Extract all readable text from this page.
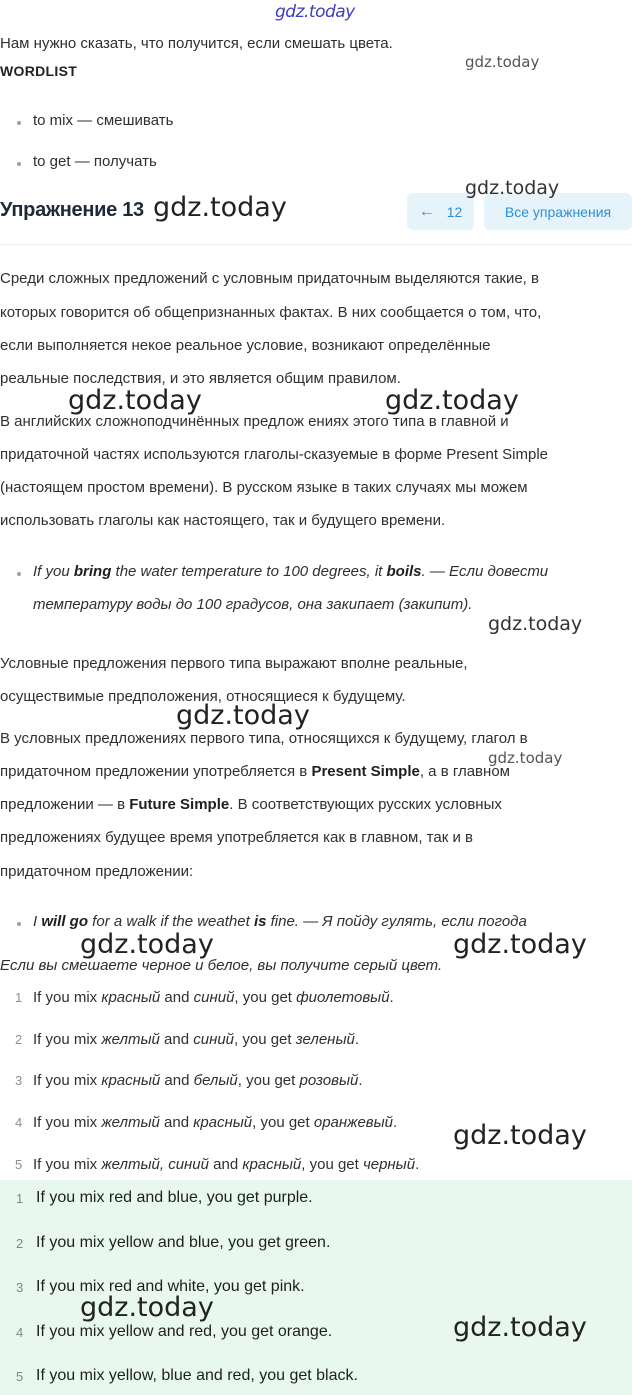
gdz.today
gdz.today
gdz.today
gdz.today
gdz.today	gdz.today
gdz.today
gdz.today
gdz.today
gdz.today	gdz.today
gdz.today
gdz.today
gdz.today
Нам нужно сказать, что получится, если смешать цвета.
WORDLIST
to mix — смешивать
to get — получать
Упражнение 13	← 12	Все упражнения
Среди сложных предложений с условным придаточным выделяются такие, в
которых говорится об общепризнанных фактах. В них сообщается о том, что,
если выполняется некое реальное условие, возникают определённые
реальные последствия, и это является общим правилом.
В английских сложноподчинённых предлож ениях этого типа в главной и
придаточной частях используются глаголы-сказуемые в форме Present Simple
(настоящем простом времени). В русском языке в таких случаях мы можем
использовать глаголы как настоящего, так и будущего времени.
If you bring the water temperature to 100 degrees, it boils. — Если довести
температуру воды до 100 градусов, она закипает (закипит).
Условные предложения первого типа выражают вполне реальные,
осуществимые предположения, относящиеся к будущему.
В условных предложениях первого типа, относящихся к будущему, глагол в
придаточном предложении употребляется в Present Simple, а в главном
предложении — в Future Simple. В соответствующих русских условных
предложениях будущее время употребляется как в главном, так и в
придаточном предложении:
I will go for a walk if the weathet is fine. — Я пойду гулять, если погода
Если вы смешаете черное и белое, вы получите серый цвет.
1 If you mix красный and синий, you get фиолетовый.
2 If you mix желтый and синий, you get зеленый.
3 If you mix красный and белый, you get розовый.
4 If you mix желтый and красный, you get оранжевый.
5 If you mix желтый, синий and красный, you get черный.
1 If you mix red and blue, you get purple.
2 If you mix yellow and blue, you get green.
3 If you mix red and white, you get pink.
4 If you mix yellow and red, you get orange.
5 If you mix yellow, blue and red, you get black.
